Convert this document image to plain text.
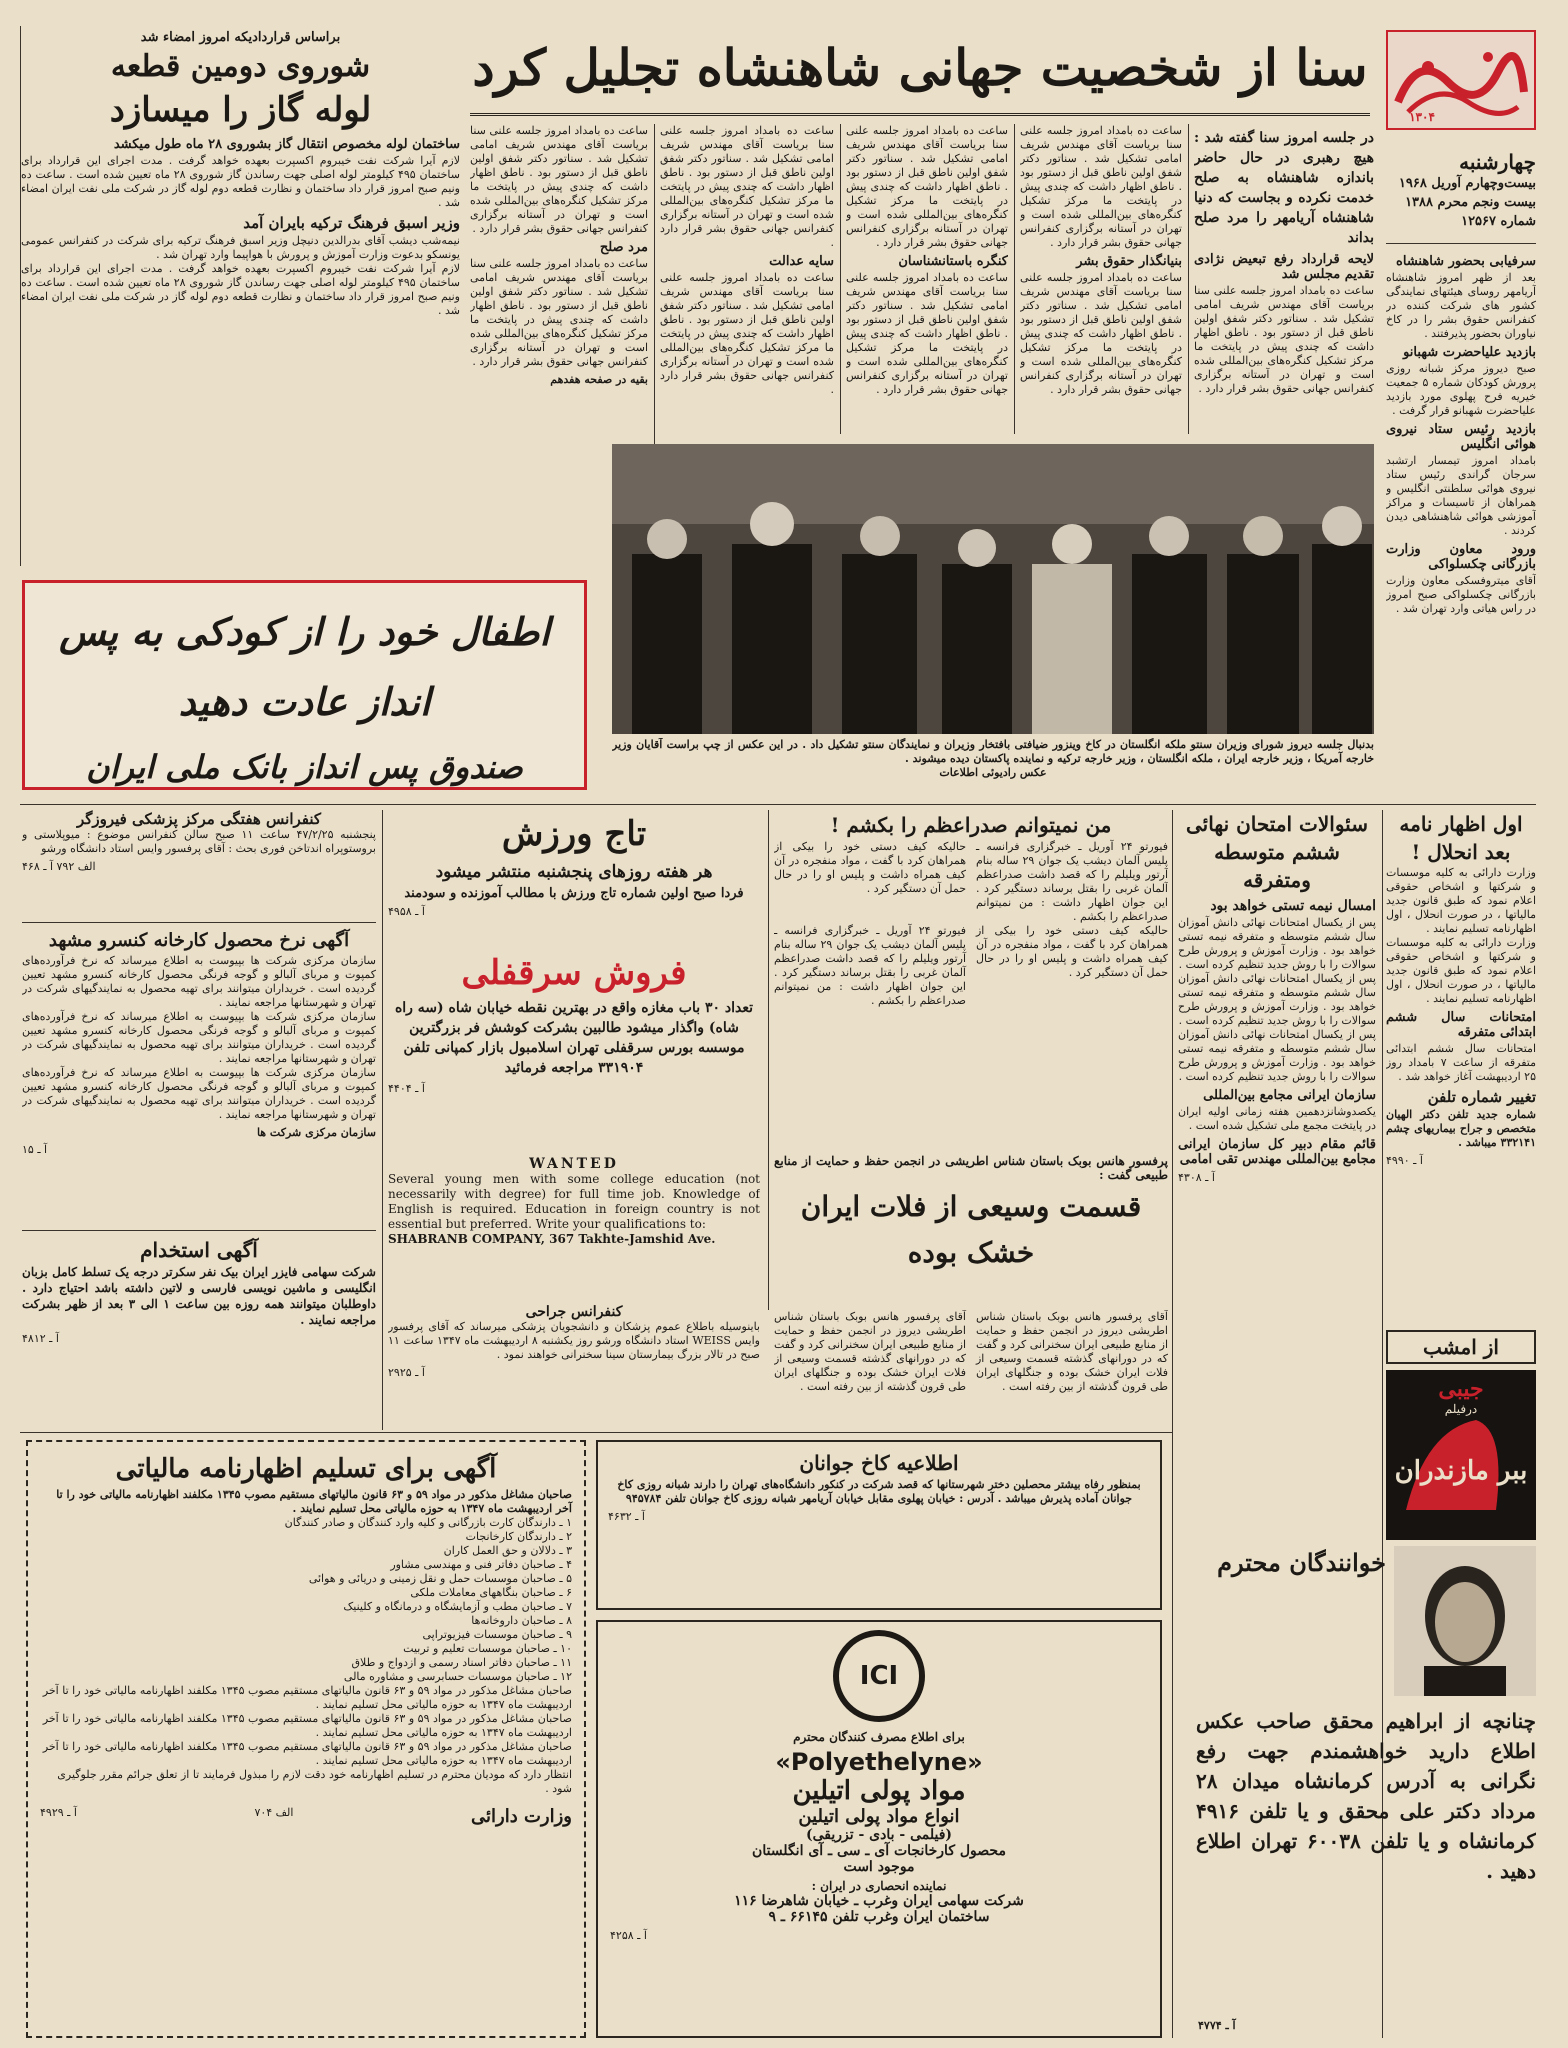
۱۳۰۴
چهارشنبه
بیست‌وچهارم آوریل ۱۹۶۸
بیست ونجم محرم ۱۳۸۸
شماره ۱۲۵۶۷
سرفیابی بحضور شاهنشاه

بعد از ظهر امروز شاهنشاه آریامهر روسای هیئتهای نمایندگی کشور های شرکت کننده در کنفرانس حقوق بشر را در کاخ نیاوران بحضور پذیرفتند .

بازدید علیاحضرت شهبانو

صبح دیروز مرکز شبانه روزی پرورش کودکان شماره ۵ جمعیت خیریه فرح پهلوی مورد بازدید علیاحضرت شهبانو قرار گرفت .

بازدید رئیس ستاد نیروی هوائی انگلیس

بامداد امروز تیمسار ارتشبد سرجان گراندی رئیس ستاد نیروی هوائی سلطنتی انگلیس و همراهان از تاسیسات و مراکز آموزشی هوائی شاهنشاهی دیدن کردند .

ورود معاون وزارت بازرگانی چکسلواکی

آقای میتروفسکی معاون وزارت بازرگانی چکسلواکی صبح امروز در راس هیاتی وارد تهران شد .

سنا از شخصیت جهانی شاهنشاه تجلیل کرد
در جلسه امروز سنا گفته شد : هیچ رهبری در حال حاضر باندازه شاهنشاه به صلح خدمت نکرده و بجاست که دنیا شاهنشاه آریامهر را مرد صلح بداند
لایحه قرارداد رفع تبعیض نژادی تقدیم مجلس شد

ساعت ده بامداد امروز جلسه علنی سنا بریاست آقای مهندس شریف امامی تشکیل شد . سناتور دکتر شفق اولین ناطق قبل از دستور بود . ناطق اظهار داشت که چندی پیش در پایتخت ما مرکز تشکیل کنگره‌های بین‌المللی شده است و تهران در آستانه برگزاری کنفرانس جهانی حقوق بشر قرار دارد .

ساعت ده بامداد امروز جلسه علنی سنا بریاست آقای مهندس شریف امامی تشکیل شد . سناتور دکتر شفق اولین ناطق قبل از دستور بود . ناطق اظهار داشت که چندی پیش در پایتخت ما مرکز تشکیل کنگره‌های بین‌المللی شده است و تهران در آستانه برگزاری کنفرانس جهانی حقوق بشر قرار دارد .

بنیانگذار حقوق بشر

ساعت ده بامداد امروز جلسه علنی سنا بریاست آقای مهندس شریف امامی تشکیل شد . سناتور دکتر شفق اولین ناطق قبل از دستور بود . ناطق اظهار داشت که چندی پیش در پایتخت ما مرکز تشکیل کنگره‌های بین‌المللی شده است و تهران در آستانه برگزاری کنفرانس جهانی حقوق بشر قرار دارد .

ساعت ده بامداد امروز جلسه علنی سنا بریاست آقای مهندس شریف امامی تشکیل شد . سناتور دکتر شفق اولین ناطق قبل از دستور بود . ناطق اظهار داشت که چندی پیش در پایتخت ما مرکز تشکیل کنگره‌های بین‌المللی شده است و تهران در آستانه برگزاری کنفرانس جهانی حقوق بشر قرار دارد .

کنگره باستانشناسان

ساعت ده بامداد امروز جلسه علنی سنا بریاست آقای مهندس شریف امامی تشکیل شد . سناتور دکتر شفق اولین ناطق قبل از دستور بود . ناطق اظهار داشت که چندی پیش در پایتخت ما مرکز تشکیل کنگره‌های بین‌المللی شده است و تهران در آستانه برگزاری کنفرانس جهانی حقوق بشر قرار دارد .

ساعت ده بامداد امروز جلسه علنی سنا بریاست آقای مهندس شریف امامی تشکیل شد . سناتور دکتر شفق اولین ناطق قبل از دستور بود . ناطق اظهار داشت که چندی پیش در پایتخت ما مرکز تشکیل کنگره‌های بین‌المللی شده است و تهران در آستانه برگزاری کنفرانس جهانی حقوق بشر قرار دارد .

سایه عدالت

ساعت ده بامداد امروز جلسه علنی سنا بریاست آقای مهندس شریف امامی تشکیل شد . سناتور دکتر شفق اولین ناطق قبل از دستور بود . ناطق اظهار داشت که چندی پیش در پایتخت ما مرکز تشکیل کنگره‌های بین‌المللی شده است و تهران در آستانه برگزاری کنفرانس جهانی حقوق بشر قرار دارد .

ساعت ده بامداد امروز جلسه علنی سنا بریاست آقای مهندس شریف امامی تشکیل شد . سناتور دکتر شفق اولین ناطق قبل از دستور بود . ناطق اظهار داشت که چندی پیش در پایتخت ما مرکز تشکیل کنگره‌های بین‌المللی شده است و تهران در آستانه برگزاری کنفرانس جهانی حقوق بشر قرار دارد .

مرد صلح

ساعت ده بامداد امروز جلسه علنی سنا بریاست آقای مهندس شریف امامی تشکیل شد . سناتور دکتر شفق اولین ناطق قبل از دستور بود . ناطق اظهار داشت که چندی پیش در پایتخت ما مرکز تشکیل کنگره‌های بین‌المللی شده است و تهران در آستانه برگزاری کنفرانس جهانی حقوق بشر قرار دارد .

بقیه در صفحه هفدهم
براساس قراردادیکه امروز امضاء شد
شوروی دومین قطعه
لوله گاز را میسازد
ساختمان لوله مخصوص انتقال گاز بشوروی ۲۸ ماه طول میکشد

لازم آیرا شرکت نفت خیبروم اکسپرت بعهده خواهد گرفت . مدت اجرای این قرارداد برای ساختمان ۴۹۵ کیلومتر لوله اصلی جهت رساندن گاز شوروی ۲۸ ماه تعیین شده است . ساعت ده ونیم صبح امروز قرار داد ساختمان و نظارت قطعه دوم لوله گاز در شرکت ملی نفت ایران امضاء شد .

وزیر اسبق فرهنگ ترکیه بایران آمد

نیمه‌شب دیشب آقای بدرالدین دنیچل وزیر اسبق فرهنگ ترکیه برای شرکت در کنفرانس عمومی یونسکو بدعوت وزارت آموزش و پرورش با هواپیما وارد تهران شد .

لازم آیرا شرکت نفت خیبروم اکسپرت بعهده خواهد گرفت . مدت اجرای این قرارداد برای ساختمان ۴۹۵ کیلومتر لوله اصلی جهت رساندن گاز شوروی ۲۸ ماه تعیین شده است . ساعت ده ونیم صبح امروز قرار داد ساختمان و نظارت قطعه دوم لوله گاز در شرکت ملی نفت ایران امضاء شد .

اطفال خود را از کودکی به پس انداز عادت دهید
صندوق پس انداز بانک ملی ایران

بدنبال جلسه دیروز شورای وزیران سنتو ملکه انگلستان در کاخ وینزور ضیافتی بافتخار وزیران و نمایندگان سنتو تشکیل داد . در این عکس از چپ براست آقایان وزیر خارجه آمریکا ، وزیر خارجه ایران ، ملکه انگلستان ، وزیر خارجه ترکیه و نماینده پاکستان دیده میشوند .

عکس رادیوئی اطلاعات
سئوالات امتحان نهائی ششم متوسطه ومتفرقه
امسال نیمه تستی خواهد بود

پس از یکسال امتحانات نهائی دانش آموزان سال ششم متوسطه و متفرقه نیمه تستی خواهد بود . وزارت آموزش و پرورش طرح سوالات را با روش جدید تنظیم کرده است .

پس از یکسال امتحانات نهائی دانش آموزان سال ششم متوسطه و متفرقه نیمه تستی خواهد بود . وزارت آموزش و پرورش طرح سوالات را با روش جدید تنظیم کرده است .

پس از یکسال امتحانات نهائی دانش آموزان سال ششم متوسطه و متفرقه نیمه تستی خواهد بود . وزارت آموزش و پرورش طرح سوالات را با روش جدید تنظیم کرده است .

سازمان ایرانی مجامع بین‌المللی

یکصدوشانزدهمین هفته زمانی اولیه ایران در پایتخت مجمع ملی تشکیل شده است .

قائم مقام دبیر کل سازمان ایرانی مجامع بین‌المللی مهندس تقی امامی
آ ـ ۴۳۰۸
اول اظهار نامه بعد انحلال !

وزارت دارائی به کلیه موسسات و شرکتها و اشخاص حقوقی اعلام نمود که طبق قانون جدید مالیاتها ، در صورت انحلال ، اول اظهارنامه تسلیم نمایند .

وزارت دارائی به کلیه موسسات و شرکتها و اشخاص حقوقی اعلام نمود که طبق قانون جدید مالیاتها ، در صورت انحلال ، اول اظهارنامه تسلیم نمایند .

امتحانات سال ششم ابتدائی متفرقه

امتحانات سال ششم ابتدائی متفرقه از ساعت ۷ بامداد روز ۲۵ اردیبهشت آغاز خواهد شد .

تغییر شماره تلفن

شماره جدید تلفن دکتر الهیان متخصص و جراح بیماریهای چشم ۳۳۲۱۴۱ میباشد .

آ ـ ۴۹۹۰
از امشب
جیبی
درفیلم
ببر مازندران
خوانندگان محترم

چنانچه از ابراهیم محقق صاحب عکس اطلاع دارید خواهشمندم جهت رفع نگرانی به آدرس کرمانشاه میدان ۲۸ مرداد دکتر علی محقق و یا تلفن ۴۹۱۶ کرمانشاه و یا تلفن ۶۰۰۳۸ تهران اطلاع دهید .

آ ـ ۴۷۷۴
من نمیتوانم صدراعظم را بکشم !

فیورتو ۲۴ آوریل ـ خبرگزاری فرانسه ـ پلیس آلمان دیشب یک جوان ۲۹ ساله بنام آرتور ویلیلم را که قصد داشت صدراعظم آلمان غربی را بقتل برساند دستگیر کرد . این جوان اظهار داشت : من نمیتوانم صدراعظم را بکشم .

حالیکه کیف دستی خود را بیکی از همراهان کرد با گفت ، مواد منفجره در آن کیف همراه داشت و پلیس او را در حال حمل آن دستگیر کرد .

حالیکه کیف دستی خود را بیکی از همراهان کرد با گفت ، مواد منفجره در آن کیف همراه داشت و پلیس او را در حال حمل آن دستگیر کرد .

فیورتو ۲۴ آوریل ـ خبرگزاری فرانسه ـ پلیس آلمان دیشب یک جوان ۲۹ ساله بنام آرتور ویلیلم را که قصد داشت صدراعظم آلمان غربی را بقتل برساند دستگیر کرد . این جوان اظهار داشت : من نمیتوانم صدراعظم را بکشم .

پرفسور هانس بوبک باستان شناس اطریشی در انجمن حفظ و حمایت از منابع طبیعی گفت :
قسمت وسیعی از فلات ایران خشک بوده

آقای پرفسور هانس بوبک باستان شناس اطریشی دیروز در انجمن حفظ و حمایت از منابع طبیعی ایران سخنرانی کرد و گفت که در دورانهای گذشته قسمت وسیعی از فلات ایران خشک بوده و جنگلهای ایران طی قرون گذشته از بین رفته است .

آقای پرفسور هانس بوبک باستان شناس اطریشی دیروز در انجمن حفظ و حمایت از منابع طبیعی ایران سخنرانی کرد و گفت که در دورانهای گذشته قسمت وسیعی از فلات ایران خشک بوده و جنگلهای ایران طی قرون گذشته از بین رفته است .

تاج ورزش
هر هفته روزهای پنجشنبه منتشر میشود
فردا صبح اولین شماره تاج ورزش با مطالب آموزنده و سودمند
آ ـ ۴۹۵۸
فروش سرقفلی

تعداد ۳۰ باب مغازه واقع در بهترین نقطه خیابان شاه (سه راه شاه) واگذار میشود طالبین بشرکت کوشش فر بزرگترین موسسه بورس سرقفلی تهران اسلامبول بازار کمپانی تلفن ۳۳۱۹۰۴ مراجعه فرمائید

آ ـ ۴۴۰۴
WANTED

Several young men with some college education (not necessarily with degree) for full time job. Knowledge of English is required. Education in foreign country is not essential but preferred. Write your qualifications to:

SHABRANB COMPANY, 367 Takhte-Jamshid Ave.
کنفرانس جراحی

باینوسیله باطلاع عموم پزشکان و دانشجویان پزشکی میرساند که آقای پرفسور وایس WEISS استاد دانشگاه ورشو روز یکشنبه ۸ اردیبهشت ماه ۱۳۴۷ ساعت ۱۱ صبح در تالار بزرگ بیمارستان سینا سخنرانی خواهند نمود .

آ ـ ۲۹۲۵
کنفرانس هفتگی مرکز پزشکی فیروزگر

پنجشنبه ۴۷/۲/۲۵ ساعت ۱۱ صبح سالن کنفرانس موضوع : میوپلاستی و بروستوپراه اندتاخن فوری بحث : آقای پرفسور وایس استاد دانشگاه ورشو

الف ۷۹۲ آ ـ ۴۶۸
آگهی نرخ محصول کارخانه کنسرو مشهد

سازمان مرکزی شرکت ها بپیوست به اطلاع میرساند که نرخ فرآورده‌های کمپوت و مربای آلبالو و گوجه فرنگی محصول کارخانه کنسرو مشهد تعیین گردیده است . خریداران میتوانند برای تهیه محصول به نمایندگیهای شرکت در تهران و شهرستانها مراجعه نمایند .

سازمان مرکزی شرکت ها بپیوست به اطلاع میرساند که نرخ فرآورده‌های کمپوت و مربای آلبالو و گوجه فرنگی محصول کارخانه کنسرو مشهد تعیین گردیده است . خریداران میتوانند برای تهیه محصول به نمایندگیهای شرکت در تهران و شهرستانها مراجعه نمایند .

سازمان مرکزی شرکت ها بپیوست به اطلاع میرساند که نرخ فرآورده‌های کمپوت و مربای آلبالو و گوجه فرنگی محصول کارخانه کنسرو مشهد تعیین گردیده است . خریداران میتوانند برای تهیه محصول به نمایندگیهای شرکت در تهران و شهرستانها مراجعه نمایند .

سازمان مرکزی شرکت ها
آ ـ ۱۵
آگهی استخدام

شرکت سهامی فایزر ایران بیک نفر سکرتر درجه یک تسلط کامل بزبان انگلیسی و ماشین نویسی فارسی و لاتین داشته باشد احتیاج دارد . داوطلبان میتوانند همه روزه بین ساعت ۱ الی ۳ بعد از ظهر بشرکت مراجعه نمایند .

آ ـ ۴۸۱۲
آگهی برای تسلیم اظهارنامه مالیاتی

صاحبان مشاغل مذکور در مواد ۵۹ و ۶۳ قانون مالیاتهای مستقیم مصوب ۱۳۴۵ مکلفند اظهارنامه مالیاتی خود را تا آخر اردیبهشت ماه ۱۳۴۷ به حوزه مالیاتی محل تسلیم نمایند .

۱ ـ دارندگان کارت بازرگانی و کلیه وارد کنندگان و صادر کنندگان

۲ ـ دارندگان کارخانجات

۳ ـ دلالان و حق العمل کاران

۴ ـ صاحبان دفاتر فنی و مهندسی مشاور

۵ ـ صاحبان موسسات حمل و نقل زمینی و دریائی و هوائی

۶ ـ صاحبان بنگاههای معاملات ملکی

۷ ـ صاحبان مطب و آزمایشگاه و درمانگاه و کلینیک

۸ ـ صاحبان داروخانه‌ها

۹ ـ صاحبان موسسات فیزیوتراپی

۱۰ ـ صاحبان موسسات تعلیم و تربیت

۱۱ ـ صاحبان دفاتر اسناد رسمی و ازدواج و طلاق

۱۲ ـ صاحبان موسسات حسابرسی و مشاوره مالی

صاحبان مشاغل مذکور در مواد ۵۹ و ۶۳ قانون مالیاتهای مستقیم مصوب ۱۳۴۵ مکلفند اظهارنامه مالیاتی خود را تا آخر اردیبهشت ماه ۱۳۴۷ به حوزه مالیاتی محل تسلیم نمایند .

صاحبان مشاغل مذکور در مواد ۵۹ و ۶۳ قانون مالیاتهای مستقیم مصوب ۱۳۴۵ مکلفند اظهارنامه مالیاتی خود را تا آخر اردیبهشت ماه ۱۳۴۷ به حوزه مالیاتی محل تسلیم نمایند .

صاحبان مشاغل مذکور در مواد ۵۹ و ۶۳ قانون مالیاتهای مستقیم مصوب ۱۳۴۵ مکلفند اظهارنامه مالیاتی خود را تا آخر اردیبهشت ماه ۱۳۴۷ به حوزه مالیاتی محل تسلیم نمایند .

انتظار دارد که مودیان محترم در تسلیم اظهارنامه خود دقت لازم را مبذول فرمایند تا از تعلق جرائم مقرر جلوگیری شود .

وزارت دارائی
الف ۷۰۴
آ ـ ۴۹۲۹
اطلاعیه کاخ جوانان

بمنظور رفاه بیشتر محصلین دختر شهرستانها که قصد شرکت در کنکور دانشگاه‌های تهران را دارند شبانه روزی کاخ جوانان آماده پذیرش میباشد . آدرس : خیابان پهلوی مقابل خیابان آریامهر شبانه روزی کاخ جوانان تلفن ۹۴۵۷۸۴

آ ـ ۴۶۳۲
ICI
برای اطلاع مصرف کنندگان محترم
«Polyethelyne»
مواد پولی اتیلین
انواع مواد پولی اتیلین
(فیلمی - بادی - تزریقی)
محصول کارخانجات آی ـ سی ـ آی انگلستان
موجود است
نماینده انحصاری در ایران :
شرکت سهامی ایران وغرب ـ خیابان شاهرضا ۱۱۶
ساختمان ایران وغرب تلفن ۶۶۱۴۵ ـ ۹
آ ـ ۴۲۵۸
